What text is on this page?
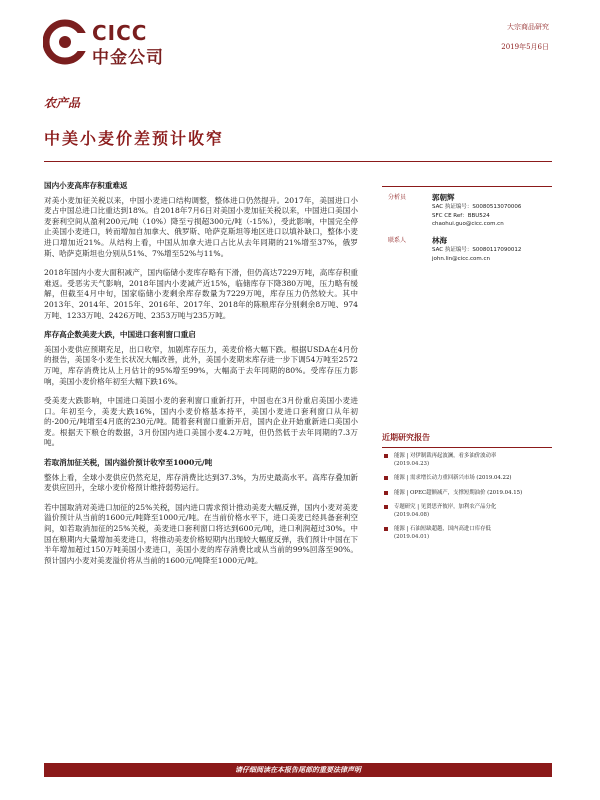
CICC
中金公司
大宗商品研究
2019年5月6日
农产品
中美小麦价差预计收窄
国内小麦高库存积重难返

对美小麦加征关税以来，中国小麦进口结构调整，整体进口仍然提升。2017年，美国进口小麦占中国总进口比重达到18%。自2018年7月6日对美国小麦加征关税以来，中国进口美国小麦套利空间从盈利200元/吨（10%）降至亏损超300元/吨（-15%），受此影响，中国完全停止美国小麦进口，转而增加自加拿大、俄罗斯、哈萨克斯坦等地区进口以填补缺口，整体小麦进口增加近21%。从结构上看，中国从加拿大进口占比从去年同期的21%增至37%，俄罗斯、哈萨克斯坦也分别从51%、7%增至52%与11%。

2018年国内小麦大面积减产，国内临储小麦库存略有下滑，但仍高达7229万吨，高库存积重难返。受恶劣天气影响，2018年国内小麦减产近15%，临储库存下降380万吨，压力略有缓解，但截至4月中旬，国家临储小麦剩余库存数量为7229万吨，库存压力仍然较大。其中2013年、2014年、2015年、2016年、2017年、2018年的陈粮库存分别剩余8万吨、974万吨、1233万吨、2426万吨、2353万吨与235万吨。

库存高企数美麦大跌，中国进口套利窗口重启

美国小麦供应预期充足，出口收窄，加剧库存压力，美麦价格大幅下跌。根据USDA在4月份的报告，美国冬小麦生长状况大幅改善，此外，美国小麦期末库存进一步下调54万吨至2572万吨，库存消费比从上月估计的95%增至99%，大幅高于去年同期的80%。受库存压力影响，美国小麦价格年初至大幅下跌16%。

受美麦大跌影响，中国进口美国小麦的套利窗口重新打开，中国也在3月份重启美国小麦进口。年初至今，美麦大跌16%，国内小麦价格基本持平，美国小麦进口套利窗口从年初的-200元/吨增至4月底的230元/吨。随着套利窗口重新开启，国内企业开始重新进口美国小麦。根据天下粮仓的数据，3月份国内进口美国小麦4.2万吨，但仍然低于去年同期的7.3万吨。

若取消加征关税，国内溢价预计收窄至1000元/吨

整体上看，全球小麦供应仍然充足，库存消费比达到37.3%，为历史最高水平。高库存叠加新麦供应回升，全球小麦价格预计维持弱势运行。

若中国取消对美进口加征的25%关税，国内进口需求预计推动美麦大幅反弹，国内小麦对美麦溢价预计从当前的1600元/吨降至1000元/吨。在当前价格水平下，进口美麦已经具备套利空间，如若取消加征的25%关税，美麦进口套利窗口将达到600元/吨，进口利润超过30%。中国在粮期内大量增加美麦进口，将推动美麦价格短期内出现较大幅度反弹，我们预计中国在下半年增加超过150万吨美国小麦进口，美国小麦的库存消费比或从当前的99%回落至90%。预计国内小麦对美麦溢价将从当前的1600元/吨降至1000元/吨。

分析员	郭朝辉
SAC 执证编号：S0080513070006
SFC CE Ref：BBU524
chaohui.guo@cicc.com.cn
联系人	林海
SAC 执证编号：S0080117090012
john.lin@cicc.com.cn
近期研究报告
能源 | 对伊制裁再起波澜，看多油价波动率
(2019.04.23)
能源 | 需求增长动力重回新兴市场 (2019.04.22)
能源 | OPEC超额减产，支撑短期油价 (2019.04.15)
专题研究 | 见贤思齐彼岸，加利农产品分化
(2019.04.08)
能源 | 石油短缺超越，国内高进口库存低
(2019.04.01)
请仔细阅读在本报告尾部的重要法律声明
